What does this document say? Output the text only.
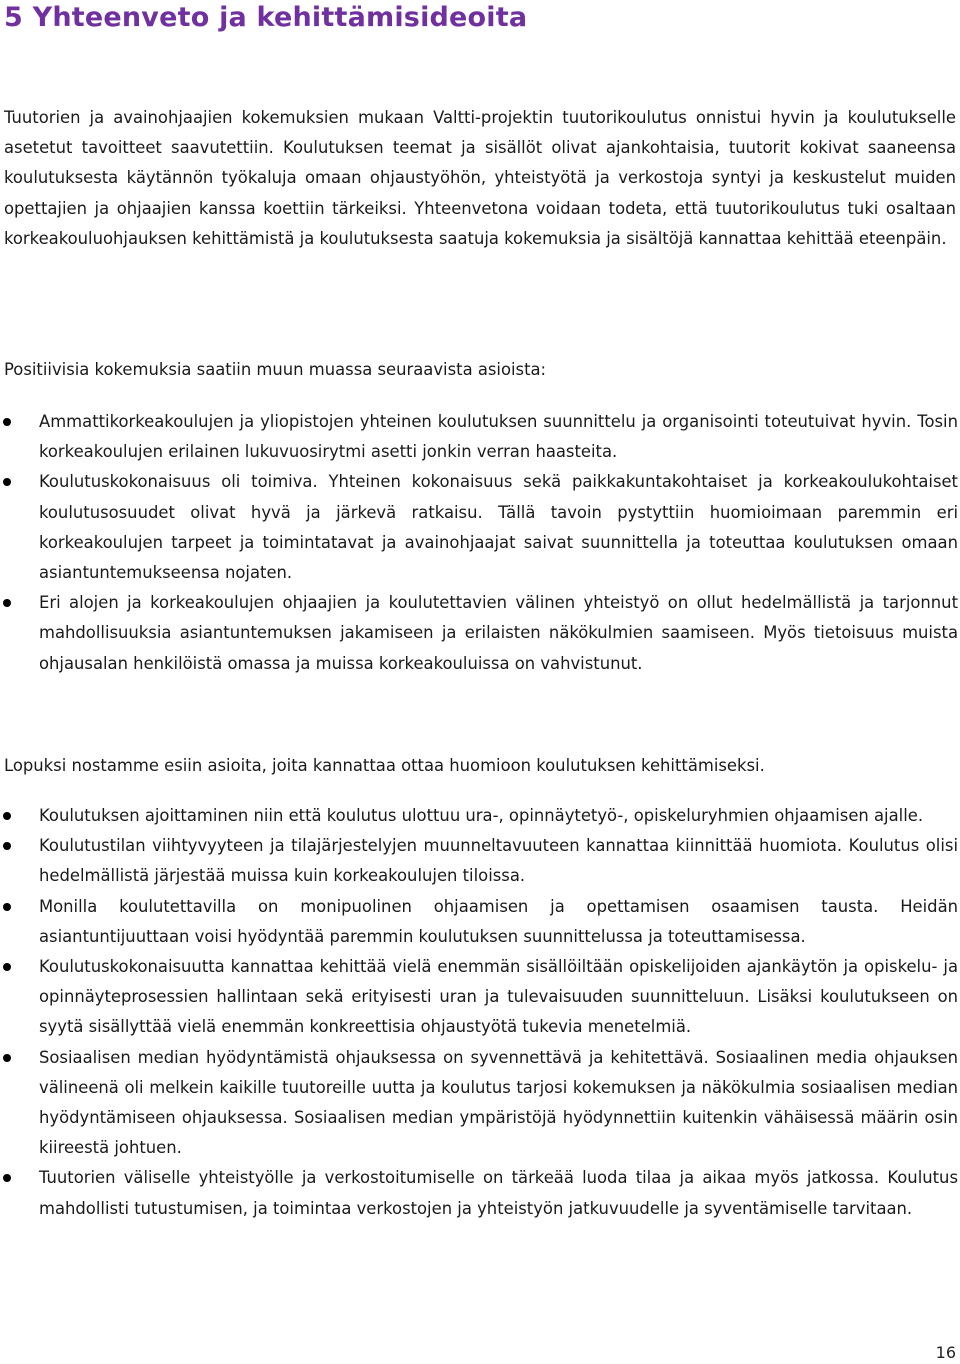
5 Yhteenveto ja kehittämisideoita

Tuutorien ja avainohjaajien kokemuksien mukaan Valtti-projektin tuutorikoulutus onnistui hyvin ja koulutukselle asetetut tavoitteet saavutettiin. Koulutuksen teemat ja sisällöt olivat ajankohtaisia, tuutorit kokivat saaneensa koulutuksesta käytännön työkaluja omaan ohjaustyöhön, yhteistyötä ja verkostoja syntyi ja keskustelut muiden opettajien ja ohjaajien kanssa koettiin tärkeiksi. Yhteenvetona voidaan todeta, että tuutorikoulutus tuki osaltaan korkeakouluohjauksen kehittämistä ja koulutuksesta saatuja kokemuksia ja sisältöjä kannattaa kehittää eteenpäin.

Positiivisia kokemuksia saatiin muun muassa seuraavista asioista:

Ammattikorkeakoulujen ja yliopistojen yhteinen koulutuksen suunnittelu ja organisointi toteutuivat hyvin. Tosin korkeakoulujen erilainen lukuvuosirytmi asetti jonkin verran haasteita.
Koulutuskokonaisuus oli toimiva. Yhteinen kokonaisuus sekä paikkakuntakohtaiset ja korkeakoulukohtaiset koulutusosuudet olivat hyvä ja järkevä ratkaisu. Tällä tavoin pystyttiin huomioimaan paremmin eri korkeakoulujen tarpeet ja toimintatavat ja avainohjaajat saivat suunnittella ja toteuttaa koulutuksen omaan asiantuntemukseensa nojaten.
Eri alojen ja korkeakoulujen ohjaajien ja koulutettavien välinen yhteistyö on ollut hedelmällistä ja tarjonnut mahdollisuuksia asiantuntemuksen jakamiseen ja erilaisten näkökulmien saamiseen. Myös tietoisuus muista ohjausalan henkilöistä omassa ja muissa korkeakouluissa on vahvistunut.

Lopuksi nostamme esiin asioita, joita kannattaa ottaa huomioon koulutuksen kehittämiseksi.

Koulutuksen ajoittaminen niin että koulutus ulottuu ura-, opinnäytetyö-, opiskeluryhmien ohjaamisen ajalle.
Koulutustilan viihtyvyyteen ja tilajärjestelyjen muunneltavuuteen kannattaa kiinnittää huomiota. Koulutus olisi hedelmällistä järjestää muissa kuin korkeakoulujen tiloissa.
Monilla koulutettavilla on monipuolinen ohjaamisen ja opettamisen osaamisen tausta. Heidän asiantuntijuuttaan voisi hyödyntää paremmin koulutuksen suunnittelussa ja toteuttamisessa.
Koulutuskokonaisuutta kannattaa kehittää vielä enemmän sisällöiltään opiskelijoiden ajankäytön ja opiskelu- ja opinnäyteprosessien hallintaan sekä erityisesti uran ja tulevaisuuden suunnitteluun. Lisäksi koulutukseen on syytä sisällyttää vielä enemmän konkreettisia ohjaustyötä tukevia menetelmiä.
Sosiaalisen median hyödyntämistä ohjauksessa on syvennettävä ja kehitettävä. Sosiaalinen media ohjauksen välineenä oli melkein kaikille tuutoreille uutta ja koulutus tarjosi kokemuksen ja näkökulmia sosiaalisen median hyödyntämiseen ohjauksessa. Sosiaalisen median ympäristöjä hyödynnettiin kuitenkin vähäisessä määrin osin kiireestä johtuen.
Tuutorien väliselle yhteistyölle ja verkostoitumiselle on tärkeää luoda tilaa ja aikaa myös jatkossa. Koulutus mahdollisti tutustumisen, ja toimintaa verkostojen ja yhteistyön jatkuvuudelle ja syventämiselle tarvitaan.
16
